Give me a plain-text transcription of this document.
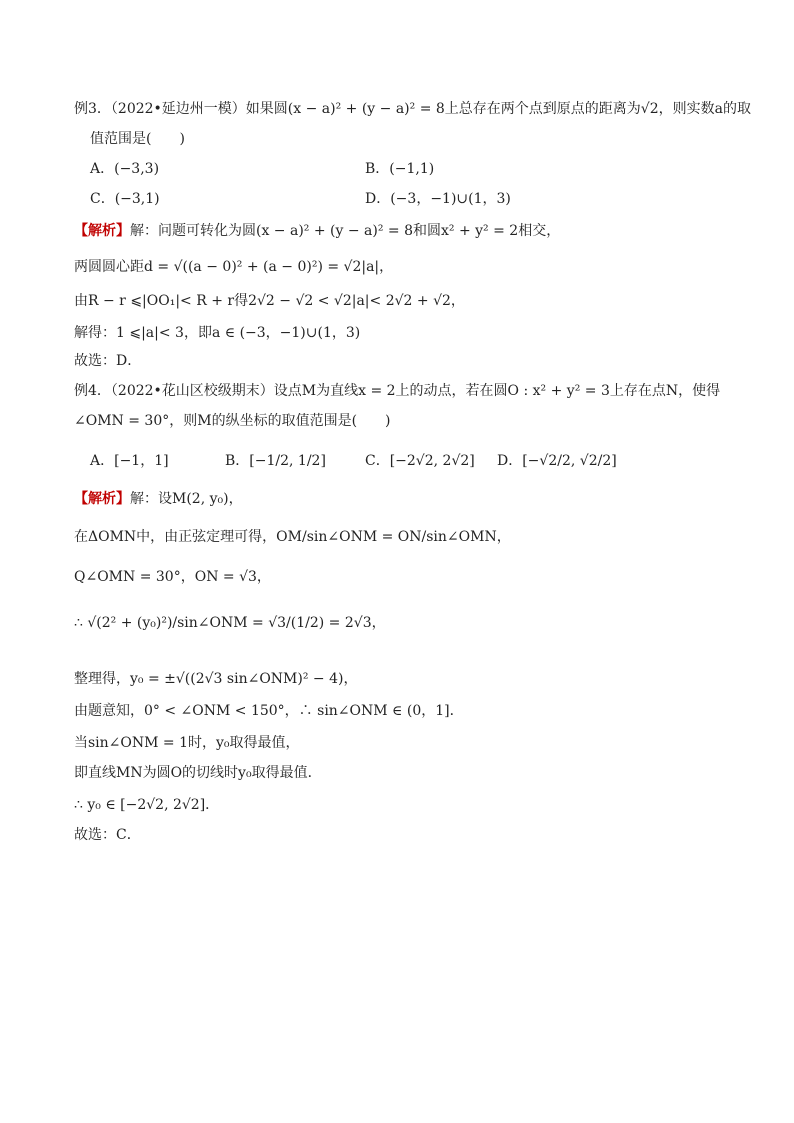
例3．（2022•延边州一模）如果圆(x − a)² + (y − a)² = 8上总存在两个点到原点的距离为√2，则实数a的取
值范围是(　　)
A．(−3,3)	B．(−1,1)
C．(−3,1)	D．(−3，−1)∪(1，3)
【解析】解：问题可转化为圆(x − a)² + (y − a)² = 8和圆x² + y² = 2相交，
两圆圆心距d = √((a − 0)² + (a − 0)²) = √2|a|，
由R − r ⩽|OO₁|< R + r得2√2 − √2 < √2|a|< 2√2 + √2，
解得：1 ⩽|a|< 3，即a ∈ (−3，−1)∪(1，3)
故选：D．
例4．（2022•花山区校级期末）设点M为直线x = 2上的动点，若在圆O : x² + y² = 3上存在点N，使得
∠OMN = 30°，则M的纵坐标的取值范围是(　　)
A．[−1，1]	B．[−1/2, 1/2]	C．[−2√2, 2√2] D．[−√2/2, √2/2]
【解析】解：设M(2, y₀)，
在ΔOMN中，由正弦定理可得，OM/sin∠ONM = ON/sin∠OMN，
Q∠OMN = 30°，ON = √3，
∴ √(2² + (y₀)²)/sin∠ONM = √3/(1/2) = 2√3，
整理得，y₀ = ±√((2√3 sin∠ONM)² − 4)，
由题意知，0° < ∠ONM < 150°，∴ sin∠ONM ∈ (0，1]．
当sin∠ONM = 1时，y₀取得最值，
即直线MN为圆O的切线时y₀取得最值．
∴ y₀ ∈ [−2√2, 2√2]．
故选：C．
